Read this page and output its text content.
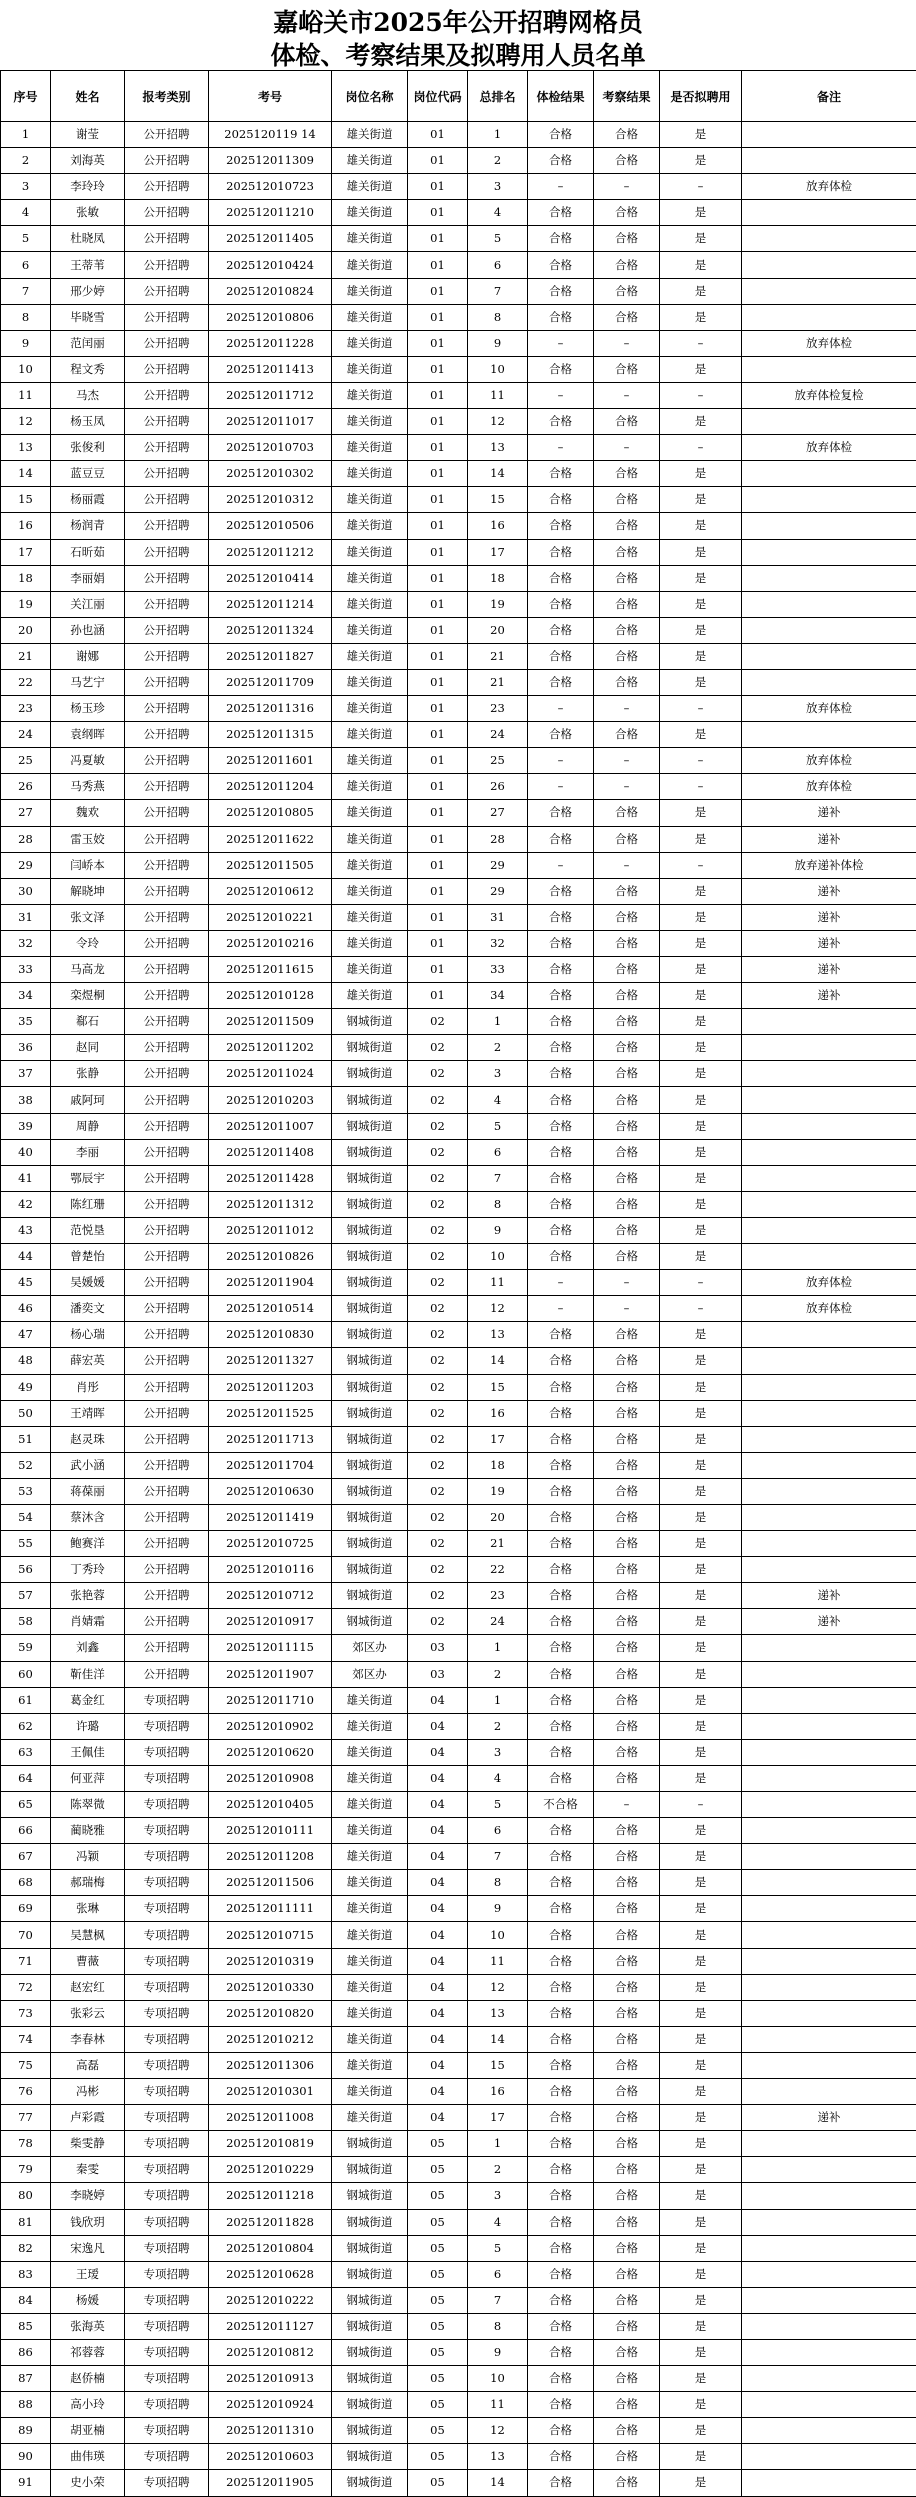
嘉峪关市2025年公开招聘网格员
体检、考察结果及拟聘用人员名单
序号	姓名	报考类别	考号	岗位名称	岗位代码	总排名	体检结果	考察结果	是否拟聘用	备注
1	谢莹	公开招聘	2025120119 14	雄关街道	01	1	合格	合格	是	
2	刘海英	公开招聘	202512011309	雄关街道	01	2	合格	合格	是	
3	李玲玲	公开招聘	202512010723	雄关街道	01	3	–	–	–	放弃体检
4	张敏	公开招聘	202512011210	雄关街道	01	4	合格	合格	是	
5	杜晓凤	公开招聘	202512011405	雄关街道	01	5	合格	合格	是	
6	王蒂苇	公开招聘	202512010424	雄关街道	01	6	合格	合格	是	
7	邢少婷	公开招聘	202512010824	雄关街道	01	7	合格	合格	是	
8	毕晓雪	公开招聘	202512010806	雄关街道	01	8	合格	合格	是	
9	范闰丽	公开招聘	202512011228	雄关街道	01	9	–	–	–	放弃体检
10	程文秀	公开招聘	202512011413	雄关街道	01	10	合格	合格	是	
11	马杰	公开招聘	202512011712	雄关街道	01	11	–	–	–	放弃体检复检
12	杨玉凤	公开招聘	202512011017	雄关街道	01	12	合格	合格	是	
13	张俊利	公开招聘	202512010703	雄关街道	01	13	–	–	–	放弃体检
14	蓝豆豆	公开招聘	202512010302	雄关街道	01	14	合格	合格	是	
15	杨丽霞	公开招聘	202512010312	雄关街道	01	15	合格	合格	是	
16	杨润青	公开招聘	202512010506	雄关街道	01	16	合格	合格	是	
17	石昕茹	公开招聘	202512011212	雄关街道	01	17	合格	合格	是	
18	李丽娟	公开招聘	202512010414	雄关街道	01	18	合格	合格	是	
19	关江丽	公开招聘	202512011214	雄关街道	01	19	合格	合格	是	
20	孙也涵	公开招聘	202512011324	雄关街道	01	20	合格	合格	是	
21	谢娜	公开招聘	202512011827	雄关街道	01	21	合格	合格	是	
22	马艺宁	公开招聘	202512011709	雄关街道	01	21	合格	合格	是	
23	杨玉珍	公开招聘	202512011316	雄关街道	01	23	–	–	–	放弃体检
24	袁纲晖	公开招聘	202512011315	雄关街道	01	24	合格	合格	是	
25	冯夏敏	公开招聘	202512011601	雄关街道	01	25	–	–	–	放弃体检
26	马秀燕	公开招聘	202512011204	雄关街道	01	26	–	–	–	放弃体检
27	魏欢	公开招聘	202512010805	雄关街道	01	27	合格	合格	是	递补
28	雷玉姣	公开招聘	202512011622	雄关街道	01	28	合格	合格	是	递补
29	闫峤本	公开招聘	202512011505	雄关街道	01	29	–	–	–	放弃递补体检
30	解晓坤	公开招聘	202512010612	雄关街道	01	29	合格	合格	是	递补
31	张文泽	公开招聘	202512010221	雄关街道	01	31	合格	合格	是	递补
32	令玲	公开招聘	202512010216	雄关街道	01	32	合格	合格	是	递补
33	马高龙	公开招聘	202512011615	雄关街道	01	33	合格	合格	是	递补
34	栾煜桐	公开招聘	202512010128	雄关街道	01	34	合格	合格	是	递补
35	郗石	公开招聘	202512011509	钢城街道	02	1	合格	合格	是	
36	赵同	公开招聘	202512011202	钢城街道	02	2	合格	合格	是	
37	张静	公开招聘	202512011024	钢城街道	02	3	合格	合格	是	
38	戚阿珂	公开招聘	202512010203	钢城街道	02	4	合格	合格	是	
39	周静	公开招聘	202512011007	钢城街道	02	5	合格	合格	是	
40	李丽	公开招聘	202512011408	钢城街道	02	6	合格	合格	是	
41	鄂辰宇	公开招聘	202512011428	钢城街道	02	7	合格	合格	是	
42	陈红珊	公开招聘	202512011312	钢城街道	02	8	合格	合格	是	
43	范悦垦	公开招聘	202512011012	钢城街道	02	9	合格	合格	是	
44	曾楚怡	公开招聘	202512010826	钢城街道	02	10	合格	合格	是	
45	吴媛媛	公开招聘	202512011904	钢城街道	02	11	–	–	–	放弃体检
46	潘奕文	公开招聘	202512010514	钢城街道	02	12	–	–	–	放弃体检
47	杨心瑞	公开招聘	202512010830	钢城街道	02	13	合格	合格	是	
48	薛宏英	公开招聘	202512011327	钢城街道	02	14	合格	合格	是	
49	肖彤	公开招聘	202512011203	钢城街道	02	15	合格	合格	是	
50	王靖晖	公开招聘	202512011525	钢城街道	02	16	合格	合格	是	
51	赵灵珠	公开招聘	202512011713	钢城街道	02	17	合格	合格	是	
52	武小涵	公开招聘	202512011704	钢城街道	02	18	合格	合格	是	
53	蒋葆丽	公开招聘	202512010630	钢城街道	02	19	合格	合格	是	
54	蔡沐含	公开招聘	202512011419	钢城街道	02	20	合格	合格	是	
55	鲍赛洋	公开招聘	202512010725	钢城街道	02	21	合格	合格	是	
56	丁秀玲	公开招聘	202512010116	钢城街道	02	22	合格	合格	是	
57	张艳蓉	公开招聘	202512010712	钢城街道	02	23	合格	合格	是	递补
58	肖婧霜	公开招聘	202512010917	钢城街道	02	24	合格	合格	是	递补
59	刘鑫	公开招聘	202512011115	郊区办	03	1	合格	合格	是	
60	靳佳洋	公开招聘	202512011907	郊区办	03	2	合格	合格	是	
61	葛金红	专项招聘	202512011710	雄关街道	04	1	合格	合格	是	
62	许璐	专项招聘	202512010902	雄关街道	04	2	合格	合格	是	
63	王佩佳	专项招聘	202512010620	雄关街道	04	3	合格	合格	是	
64	何亚萍	专项招聘	202512010908	雄关街道	04	4	合格	合格	是	
65	陈翠微	专项招聘	202512010405	雄关街道	04	5	不合格	–	–	
66	蔺晓雅	专项招聘	202512010111	雄关街道	04	6	合格	合格	是	
67	冯颖	专项招聘	202512011208	雄关街道	04	7	合格	合格	是	
68	郝瑞梅	专项招聘	202512011506	雄关街道	04	8	合格	合格	是	
69	张琳	专项招聘	202512011111	雄关街道	04	9	合格	合格	是	
70	吴慧枫	专项招聘	202512010715	雄关街道	04	10	合格	合格	是	
71	曹薇	专项招聘	202512010319	雄关街道	04	11	合格	合格	是	
72	赵宏红	专项招聘	202512010330	雄关街道	04	12	合格	合格	是	
73	张彩云	专项招聘	202512010820	雄关街道	04	13	合格	合格	是	
74	李春林	专项招聘	202512010212	雄关街道	04	14	合格	合格	是	
75	高磊	专项招聘	202512011306	雄关街道	04	15	合格	合格	是	
76	冯彬	专项招聘	202512010301	雄关街道	04	16	合格	合格	是	
77	卢彩霞	专项招聘	202512011008	雄关街道	04	17	合格	合格	是	递补
78	柴雯静	专项招聘	202512010819	钢城街道	05	1	合格	合格	是	
79	秦雯	专项招聘	202512010229	钢城街道	05	2	合格	合格	是	
80	李晓婷	专项招聘	202512011218	钢城街道	05	3	合格	合格	是	
81	钱欣玥	专项招聘	202512011828	钢城街道	05	4	合格	合格	是	
82	宋逸凡	专项招聘	202512010804	钢城街道	05	5	合格	合格	是	
83	王瑷	专项招聘	202512010628	钢城街道	05	6	合格	合格	是	
84	杨媛	专项招聘	202512010222	钢城街道	05	7	合格	合格	是	
85	张海英	专项招聘	202512011127	钢城街道	05	8	合格	合格	是	
86	祁蓉蓉	专项招聘	202512010812	钢城街道	05	9	合格	合格	是	
87	赵侨楠	专项招聘	202512010913	钢城街道	05	10	合格	合格	是	
88	高小玲	专项招聘	202512010924	钢城街道	05	11	合格	合格	是	
89	胡亚楠	专项招聘	202512011310	钢城街道	05	12	合格	合格	是	
90	曲伟瑛	专项招聘	202512010603	钢城街道	05	13	合格	合格	是	
91	史小荣	专项招聘	202512011905	钢城街道	05	14	合格	合格	是	
